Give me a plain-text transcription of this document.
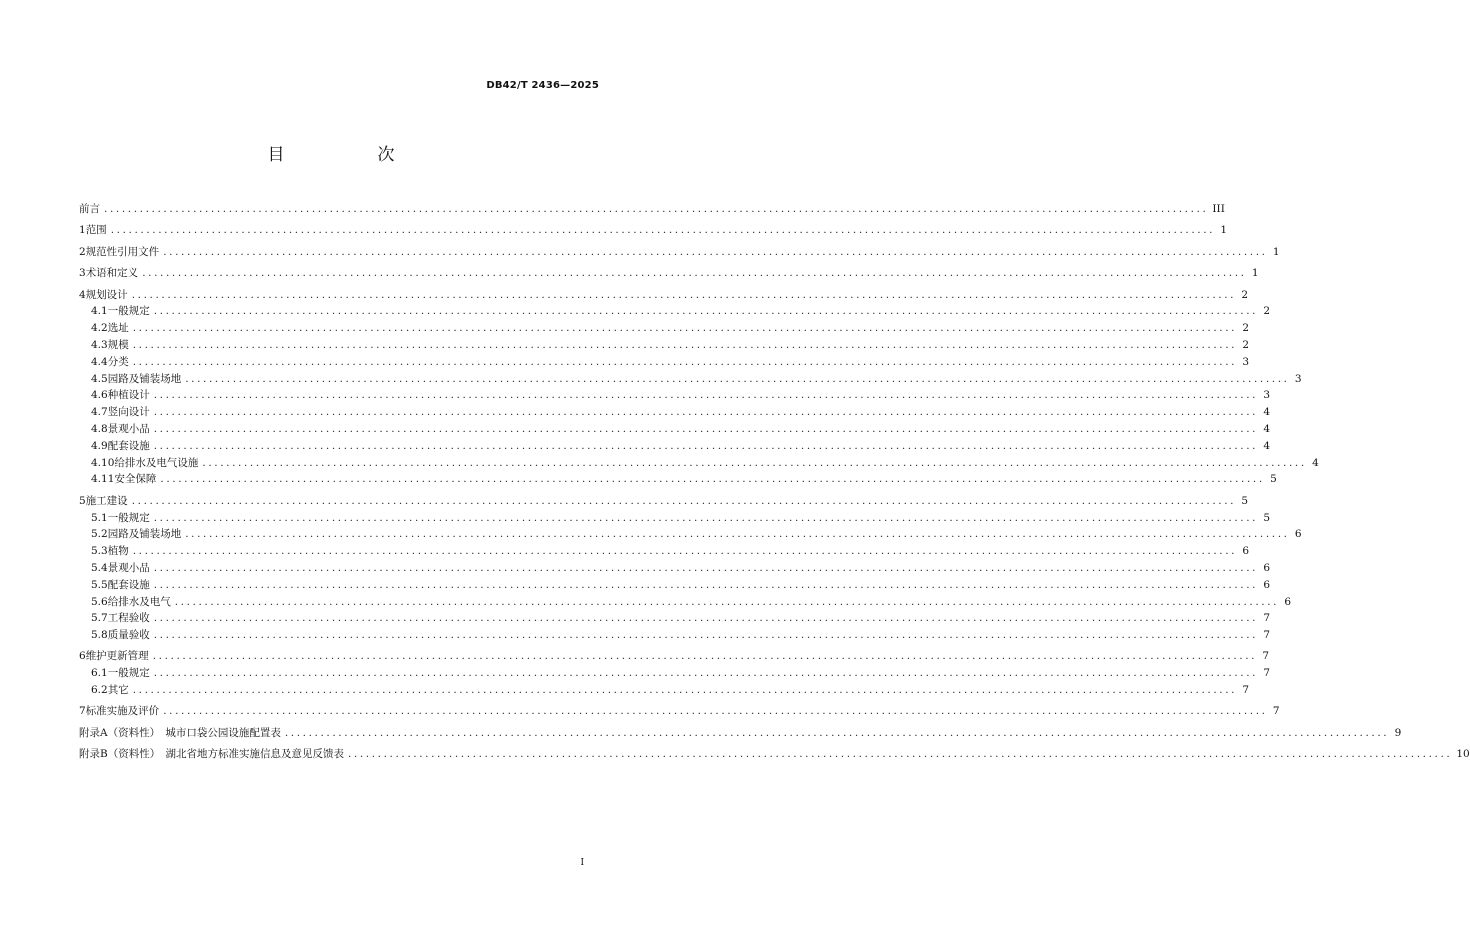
DB42/T 2436—2025
目　次
前言 .......................................................................................................................................................................................... III
1 范围 .......................................................................................................................................................................................... 1
2 规范性引用文件 .......................................................................................................................................................................................... 1
3 术语和定义 .......................................................................................................................................................................................... 1
4 规划设计 .......................................................................................................................................................................................... 2
4.1 一般规定 .......................................................................................................................................................................................... 2
4.2 选址 .......................................................................................................................................................................................... 2
4.3 规模 .......................................................................................................................................................................................... 2
4.4 分类 .......................................................................................................................................................................................... 3
4.5 园路及铺装场地 .......................................................................................................................................................................................... 3
4.6 种植设计 .......................................................................................................................................................................................... 3
4.7 竖向设计 .......................................................................................................................................................................................... 4
4.8 景观小品 .......................................................................................................................................................................................... 4
4.9 配套设施 .......................................................................................................................................................................................... 4
4.10 给排水及电气设施 .......................................................................................................................................................................................... 4
4.11 安全保障 .......................................................................................................................................................................................... 5
5 施工建设 .......................................................................................................................................................................................... 5
5.1 一般规定 .......................................................................................................................................................................................... 5
5.2 园路及铺装场地 .......................................................................................................................................................................................... 6
5.3 植物 .......................................................................................................................................................................................... 6
5.4 景观小品 .......................................................................................................................................................................................... 6
5.5 配套设施 .......................................................................................................................................................................................... 6
5.6 给排水及电气 .......................................................................................................................................................................................... 6
5.7 工程验收 .......................................................................................................................................................................................... 7
5.8 质量验收 .......................................................................................................................................................................................... 7
6 维护更新管理 .......................................................................................................................................................................................... 7
6.1 一般规定 .......................................................................................................................................................................................... 7
6.2 其它 .......................................................................................................................................................................................... 7
7 标准实施及评价 .......................................................................................................................................................................................... 7
附录A（资料性）　城市口袋公园设施配置表 .......................................................................................................................................................................................... 9
附录B（资料性）　湖北省地方标准实施信息及意见反馈表 .......................................................................................................................................................................................... 10
I
